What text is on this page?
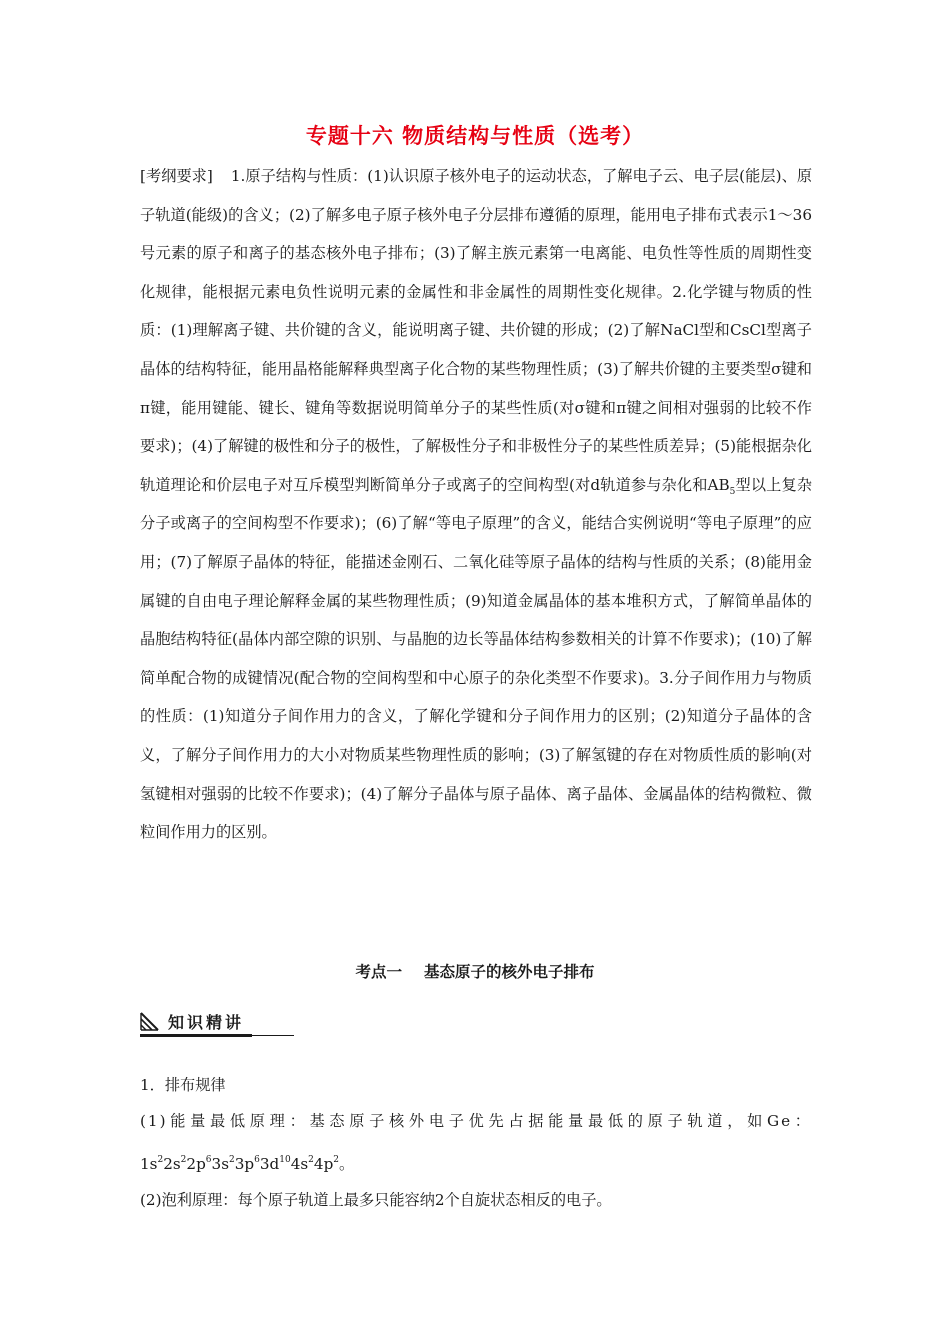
专题十六 物质结构与性质（选考）

[考纲要求] 1.原子结构与性质：(1)认识原子核外电子的运动状态，了解电子云、电子层(能层)、原子轨道(能级)的含义；(2)了解多电子原子核外电子分层排布遵循的原理，能用电子排布式表示1～36号元素的原子和离子的基态核外电子排布；(3)了解主族元素第一电离能、电负性等性质的周期性变化规律，能根据元素电负性说明元素的金属性和非金属性的周期性变化规律。2.化学键与物质的性质：(1)理解离子键、共价键的含义，能说明离子键、共价键的形成；(2)了解NaCl型和CsCl型离子晶体的结构特征，能用晶格能解释典型离子化合物的某些物理性质；(3)了解共价键的主要类型σ键和π键，能用键能、键长、键角等数据说明简单分子的某些性质(对σ键和π键之间相对强弱的比较不作要求)；(4)了解键的极性和分子的极性，了解极性分子和非极性分子的某些性质差异；(5)能根据杂化轨道理论和价层电子对互斥模型判断简单分子或离子的空间构型(对d轨道参与杂化和$AB_5$型以上复杂分子或离子的空间构型不作要求)；(6)了解“等电子原理”的含义，能结合实例说明“等电子原理”的应用；(7)了解原子晶体的特征，能描述金刚石、二氧化硅等原子晶体的结构与性质的关系；(8)能用金属键的自由电子理论解释金属的某些物理性质；(9)知道金属晶体的基本堆积方式，了解简单晶体的晶胞结构特征(晶体内部空隙的识别、与晶胞的边长等晶体结构参数相关的计算不作要求)；(10)了解简单配合物的成键情况(配合物的空间构型和中心原子的杂化类型不作要求)。3.分子间作用力与物质的性质：(1)知道分子间作用力的含义，了解化学键和分子间作用力的区别；(2)知道分子晶体的含义，了解分子间作用力的大小对物质某些物理性质的影响；(3)了解氢键的存在对物质性质的影响(对氢键相对强弱的比较不作要求)；(4)了解分子晶体与原子晶体、离子晶体、金属晶体的结构微粒、微粒间作用力的区别。

考点一 基态原子的核外电子排布
知识精讲

1．排布规律

(1)能量最低原理：基态原子核外电子优先占据能量最低的原子轨道，如Ge：

$1s^22s^22p^63s^23p^63d^{10}4s^24p^2$。

(2)泡利原理：每个原子轨道上最多只能容纳2个自旋状态相反的电子。
